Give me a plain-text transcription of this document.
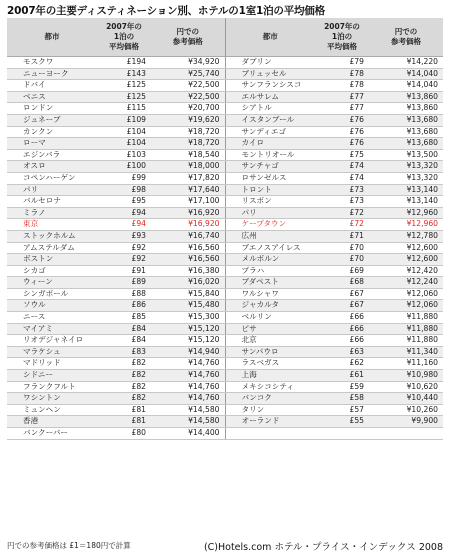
2007年の主要ディスティネーション別、ホテルの1室1泊の平均価格
都市	2007年の
1泊の
平均価格	円での
参考価格	都市	2007年の
1泊の
平均価格	円での
参考価格
モスクワ	£194	¥34,920	ダブリン	£79	¥14,220
ニューヨーク	£143	¥25,740	ブリュッセル	£78	¥14,040
ドバイ	£125	¥22,500	サンフランシスコ	£78	¥14,040
ベニス	£125	¥22,500	エルサレム	£77	¥13,860
ロンドン	£115	¥20,700	シアトル	£77	¥13,860
ジュネーブ	£109	¥19,620	イスタンブール	£76	¥13,680
カンクン	£104	¥18,720	サンディエゴ	£76	¥13,680
ローマ	£104	¥18,720	カイロ	£76	¥13,680
エジンバラ	£103	¥18,540	モントリオール	£75	¥13,500
オスロ	£100	¥18,000	サンチャゴ	£74	¥13,320
コペンハーゲン	£99	¥17,820	ロサンゼルス	£74	¥13,320
パリ	£98	¥17,640	トロント	£73	¥13,140
バルセロナ	£95	¥17,100	リスボン	£73	¥13,140
ミラノ	£94	¥16,920	パリ	£72	¥12,960
東京	£94	¥16,920	ケープタウン	£72	¥12,960
ストックホルム	£93	¥16,740	広州	£71	¥12,780
アムステルダム	£92	¥16,560	ブエノスアイレス	£70	¥12,600
ボストン	£92	¥16,560	メルボルン	£70	¥12,600
シカゴ	£91	¥16,380	プラハ	£69	¥12,420
ウィーン	£89	¥16,020	ブダペスト	£68	¥12,240
シンガポール	£88	¥15,840	ワルシャワ	£67	¥12,060
ソウル	£86	¥15,480	ジャカルタ	£67	¥12,060
ニース	£85	¥15,300	ベルリン	£66	¥11,880
マイアミ	£84	¥15,120	ピサ	£66	¥11,880
リオデジャネイロ	£84	¥15,120	北京	£66	¥11,880
マラケシュ	£83	¥14,940	サンパウロ	£63	¥11,340
マドリッド	£82	¥14,760	ラスベガス	£62	¥11,160
シドニー	£82	¥14,760	上海	£61	¥10,980
フランクフルト	£82	¥14,760	メキシコシティ	£59	¥10,620
ワシントン	£82	¥14,760	バンコク	£58	¥10,440
ミュンヘン	£81	¥14,580	タリン	£57	¥10,260
香港	£81	¥14,580	オーランド	£55	¥9,900
バンクーバー	£80	¥14,400			
円での参考価格は £1＝180円で計算	(C)Hotels.com ホテル・プライス・インデックス 2008
